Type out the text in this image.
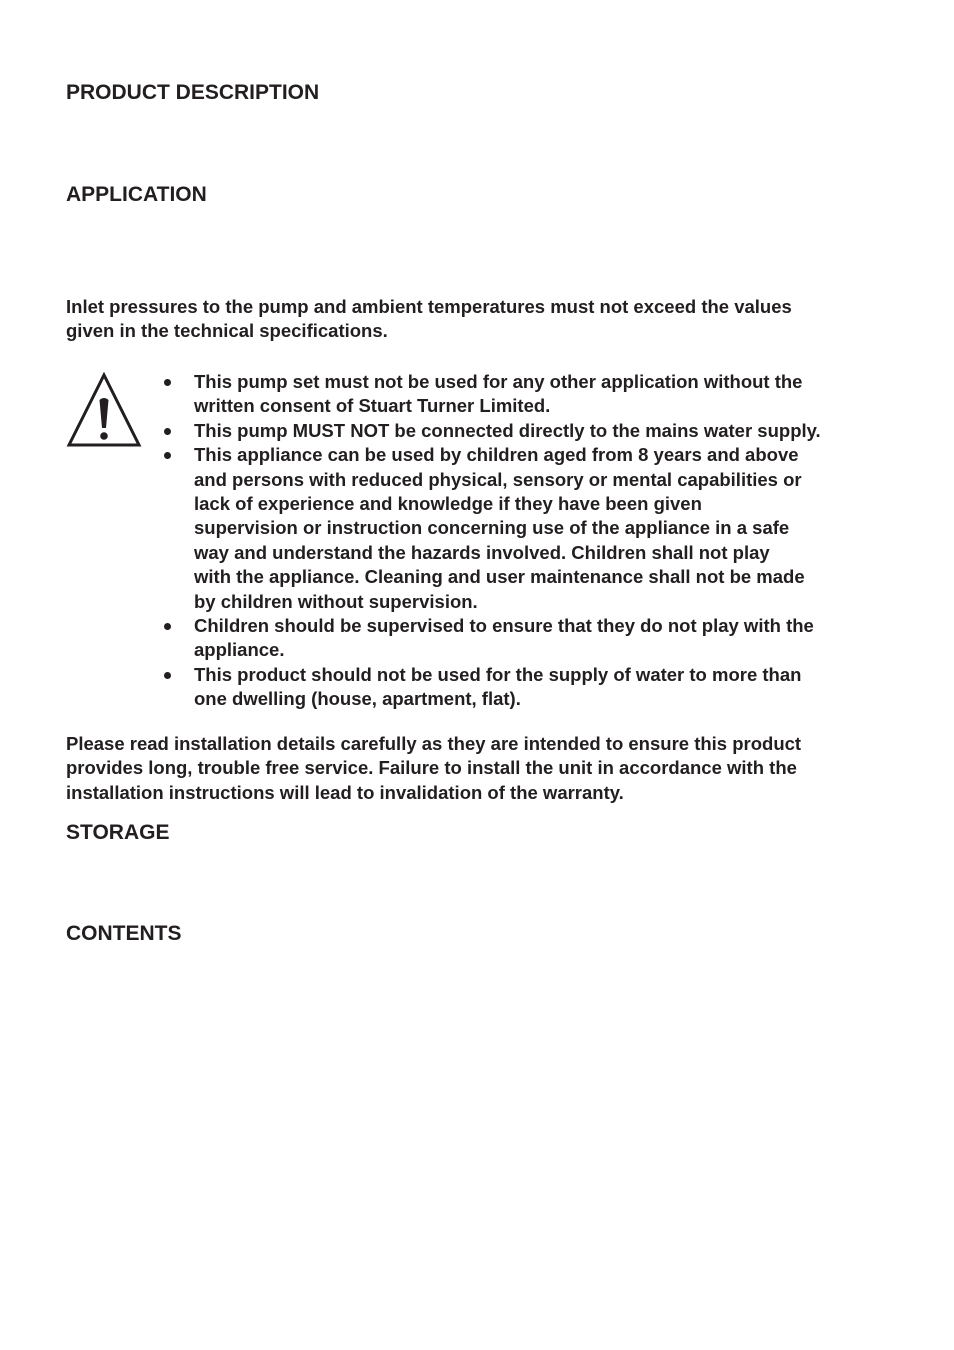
PRODUCT DESCRIPTION
APPLICATION

Inlet pressures to the pump and ambient temperatures must not exceed the values
given in the technical specifications.

This pump set must not be used for any other application without the
written consent of Stuart Turner Limited.
This pump MUST NOT be connected directly to the mains water supply.
This appliance can be used by children aged from 8 years and above
and persons with reduced physical, sensory or mental capabilities or
lack of experience and knowledge if they have been given
supervision or instruction concerning use of the appliance in a safe
way and understand the hazards involved. Children shall not play
with the appliance. Cleaning and user maintenance shall not be made
by children without supervision.
Children should be supervised to ensure that they do not play with the
appliance.
This product should not be used for the supply of water to more than
one dwelling (house, apartment, flat).

Please read installation details carefully as they are intended to ensure this product
provides long, trouble free service. Failure to install the unit in accordance with the
installation instructions will lead to invalidation of the warranty.

STORAGE
CONTENTS
